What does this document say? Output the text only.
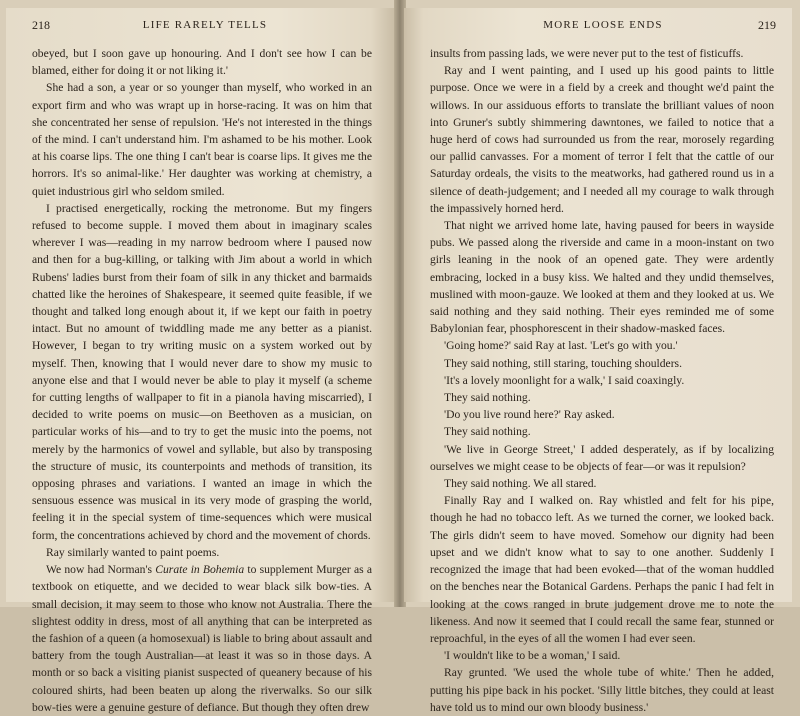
218	LIFE RARELY TELLS

obeyed, but I soon gave up honouring. And I don't see how I can be blamed, either for doing it or not liking it.'

She had a son, a year or so younger than myself, who worked in an export firm and who was wrapt up in horse-racing. It was on him that she concentrated her sense of repulsion. 'He's not interested in the things of the mind. I can't understand him. I'm ashamed to be his mother. Look at his coarse lips. The one thing I can't bear is coarse lips. It gives me the horrors. It's so animal-like.' Her daughter was working at chemistry, a quiet industrious girl who seldom smiled.

I practised energetically, rocking the metronome. But my fingers refused to become supple. I moved them about in imaginary scales wherever I was—reading in my narrow bedroom where I paused now and then for a bug-killing, or talking with Jim about a world in which Rubens' ladies burst from their foam of silk in any thicket and barmaids chatted like the heroines of Shakespeare, it seemed quite feasible, if we thought and talked long enough about it, if we kept our faith in poetry intact. But no amount of twiddling made me any better as a pianist. However, I began to try writing music on a system worked out by myself. Then, knowing that I would never dare to show my music to anyone else and that I would never be able to play it myself (a scheme for cutting lengths of wallpaper to fit in a pianola having miscarried), I decided to write poems on music—on Beethoven as a musician, on particular works of his—and to try to get the music into the poems, not merely by the harmonics of vowel and syllable, but also by transposing the structure of music, its counterpoints and methods of transition, its opposing phrases and variations. I wanted an image in which the sensuous essence was musical in its very mode of grasping the world, feeling it in the special system of time-sequences which were musical form, the concentrations achieved by chord and the movement of chords.

Ray similarly wanted to paint poems.

We now had Norman's Curate in Bohemia to supplement Murger as a textbook on etiquette, and we decided to wear black silk bow-ties. A small decision, it may seem to those who know not Australia. There the slightest oddity in dress, most of all anything that can be interpreted as the fashion of a queen (a homosexual) is liable to bring about assault and battery from the tough Australian—at least it was so in those days. A month or so back a visiting pianist suspected of queanery because of his coloured shirts, had been beaten up along the riverwalks. So our silk bow-ties were a genuine gesture of defiance. But though they often drew

MORE LOOSE ENDS	219

insults from passing lads, we were never put to the test of fisticuffs.

Ray and I went painting, and I used up his good paints to little purpose. Once we were in a field by a creek and thought we'd paint the willows. In our assiduous efforts to translate the brilliant values of noon into Gruner's subtly shimmering dawntones, we failed to notice that a huge herd of cows had surrounded us from the rear, morosely regarding our pallid canvasses. For a moment of terror I felt that the cattle of our Saturday ordeals, the visits to the meatworks, had gathered round us in a silence of death-judgement; and I needed all my courage to walk through the impassively horned herd.

That night we arrived home late, having paused for beers in wayside pubs. We passed along the riverside and came in a moon-instant on two girls leaning in the nook of an opened gate. They were ardently embracing, locked in a busy kiss. We halted and they undid themselves, muslined with moon-gauze. We looked at them and they looked at us. We said nothing and they said nothing. Their eyes reminded me of some Babylonian fear, phosphorescent in their shadow-masked faces.

'Going home?' said Ray at last. 'Let's go with you.'

They said nothing, still staring, touching shoulders.

'It's a lovely moonlight for a walk,' I said coaxingly.

They said nothing.

'Do you live round here?' Ray asked.

They said nothing.

'We live in George Street,' I added desperately, as if by localizing ourselves we might cease to be objects of fear—or was it repulsion?

They said nothing. We all stared.

Finally Ray and I walked on. Ray whistled and felt for his pipe, though he had no tobacco left. As we turned the corner, we looked back. The girls didn't seem to have moved. Somehow our dignity had been upset and we didn't know what to say to one another. Suddenly I recognized the image that had been evoked—that of the woman huddled on the benches near the Botanical Gardens. Perhaps the panic I had felt in looking at the cows ranged in brute judgement drove me to note the likeness. And now it seemed that I could recall the same fear, stunned or reproachful, in the eyes of all the women I had ever seen.

'I wouldn't like to be a woman,' I said.

Ray grunted. 'We used the whole tube of white.' Then he added, putting his pipe back in his pocket. 'Silly little bitches, they could at least have told us to mind our own bloody business.'
